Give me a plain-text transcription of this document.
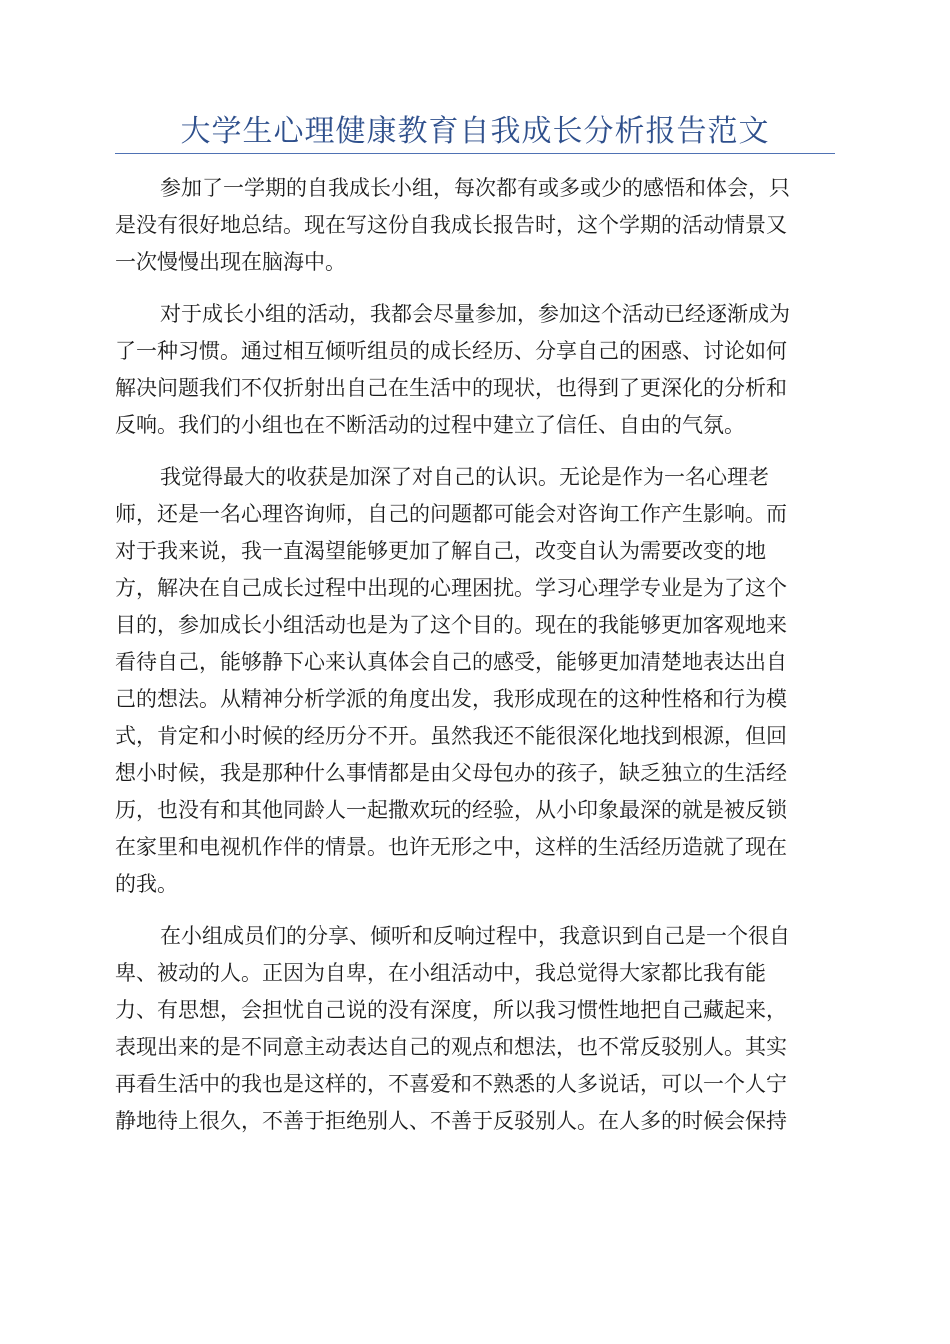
大学生心理健康教育自我成长分析报告范文
参加了一学期的自我成长小组，每次都有或多或少的感悟和体会，只
是没有很好地总结。现在写这份自我成长报告时，这个学期的活动情景又
一次慢慢出现在脑海中。
对于成长小组的活动，我都会尽量参加，参加这个活动已经逐渐成为
了一种习惯。通过相互倾听组员的成长经历、分享自己的困惑、讨论如何
解决问题我们不仅折射出自己在生活中的现状，也得到了更深化的分析和
反响。我们的小组也在不断活动的过程中建立了信任、自由的气氛。
我觉得最大的收获是加深了对自己的认识。无论是作为一名心理老
师，还是一名心理咨询师，自己的问题都可能会对咨询工作产生影响。而
对于我来说，我一直渴望能够更加了解自己，改变自认为需要改变的地
方，解决在自己成长过程中出现的心理困扰。学习心理学专业是为了这个
目的，参加成长小组活动也是为了这个目的。现在的我能够更加客观地来
看待自己，能够静下心来认真体会自己的感受，能够更加清楚地表达出自
己的想法。从精神分析学派的角度出发，我形成现在的这种性格和行为模
式，肯定和小时候的经历分不开。虽然我还不能很深化地找到根源，但回
想小时候，我是那种什么事情都是由父母包办的孩子，缺乏独立的生活经
历，也没有和其他同龄人一起撒欢玩的经验，从小印象最深的就是被反锁
在家里和电视机作伴的情景。也许无形之中，这样的生活经历造就了现在
的我。
在小组成员们的分享、倾听和反响过程中，我意识到自己是一个很自
卑、被动的人。正因为自卑，在小组活动中，我总觉得大家都比我有能
力、有思想，会担忧自己说的没有深度，所以我习惯性地把自己藏起来，
表现出来的是不同意主动表达自己的观点和想法，也不常反驳别人。其实
再看生活中的我也是这样的，不喜爱和不熟悉的人多说话，可以一个人宁
静地待上很久，不善于拒绝别人、不善于反驳别人。在人多的时候会保持
